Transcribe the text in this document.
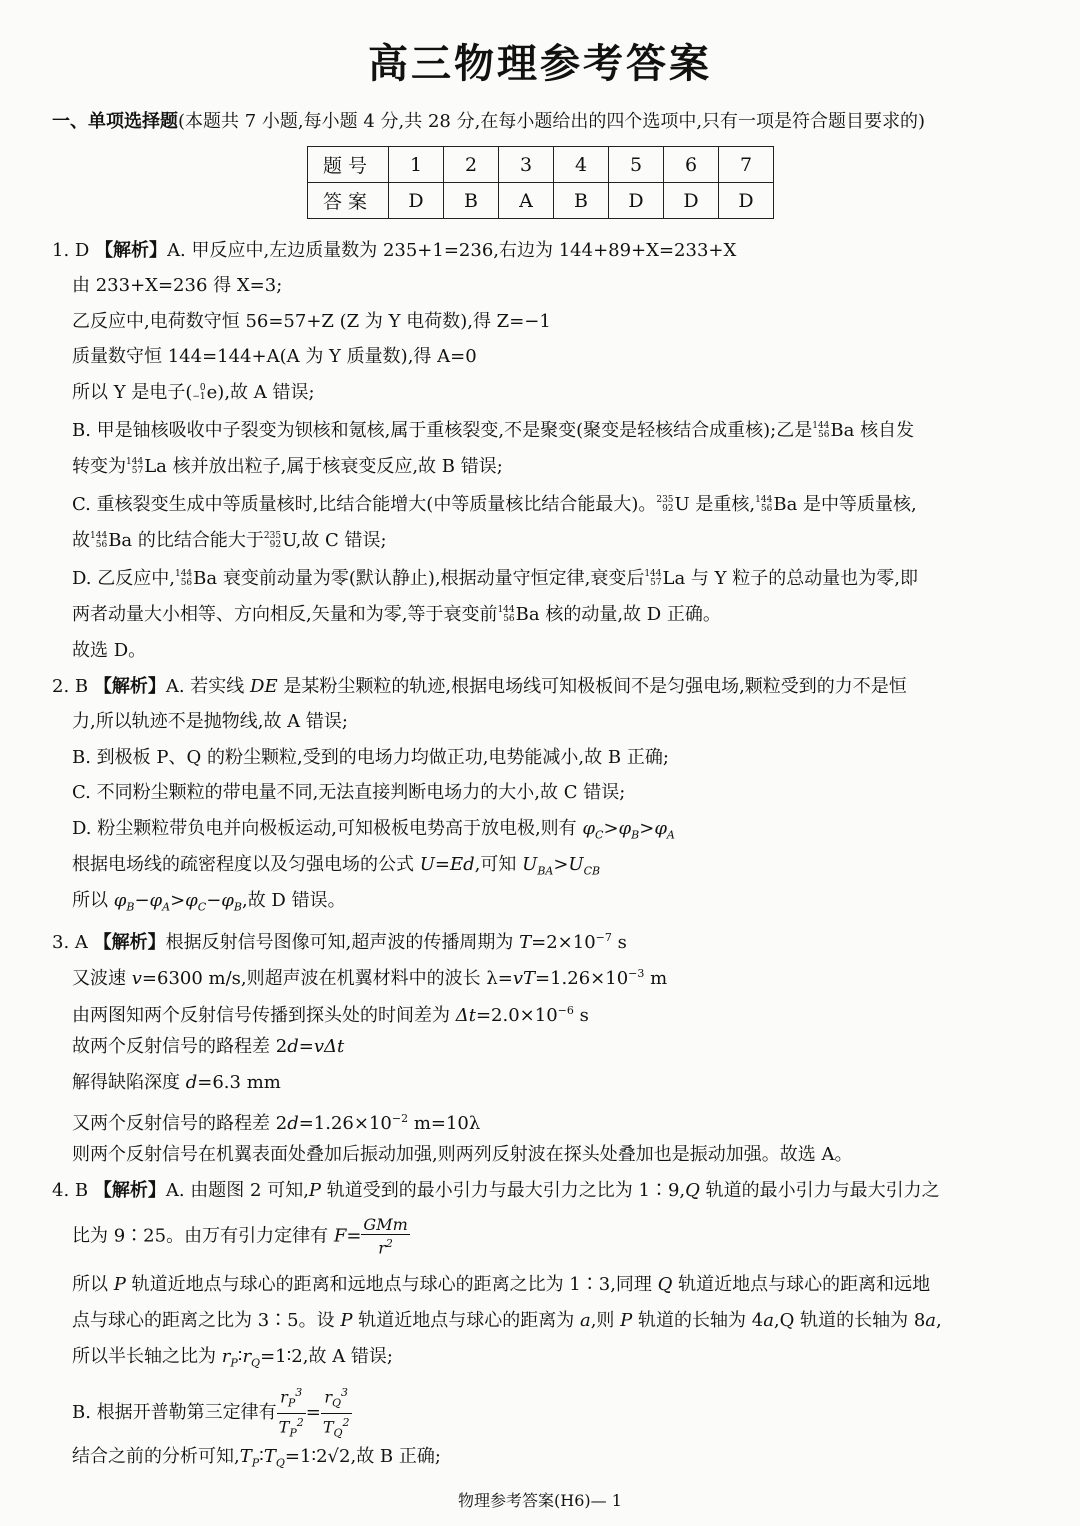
高三物理参考答案
一、单项选择题(本题共 7 小题,每小题 4 分,共 28 分,在每小题给出的四个选项中,只有一项是符合题目要求的)
题号	1	2	3	4	5	6	7
答案	D	B	A	B	D	D	D
1. D 【解析】A. 甲反应中,左边质量数为 235+1=236,右边为 144+89+X=233+X
由 233+X=236 得 X=3;
乙反应中,电荷数守恒 56=57+Z (Z 为 Y 电荷数),得 Z=−1
质量数守恒 144=144+A(A 为 Y 质量数),得 A=0
所以 Y 是电子( 0
−1e),故 A 错误;
B. 甲是铀核吸收中子裂变为钡核和氪核,属于重核裂变,不是聚变(聚变是轻核结合成重核);乙是144
56Ba 核自发
转变为144
57La 核并放出粒子,属于核衰变反应,故 B 错误;
C. 重核裂变生成中等质量核时,比结合能增大(中等质量核比结合能最大)。235
92U 是重核,144
56Ba 是中等质量核,
故144
56Ba 的比结合能大于235
92U,故 C 错误;
D. 乙反应中,144
56Ba 衰变前动量为零(默认静止),根据动量守恒定律,衰变后144
57La 与 Y 粒子的总动量也为零,即
两者动量大小相等、方向相反,矢量和为零,等于衰变前144
56Ba 核的动量,故 D 正确。
故选 D。
2. B 【解析】A. 若实线 DE 是某粉尘颗粒的轨迹,根据电场线可知极板间不是匀强电场,颗粒受到的力不是恒
力,所以轨迹不是抛物线,故 A 错误;
B. 到极板 P、Q 的粉尘颗粒,受到的电场力均做正功,电势能减小,故 B 正确;
C. 不同粉尘颗粒的带电量不同,无法直接判断电场力的大小,故 C 错误;
D. 粉尘颗粒带负电并向极板运动,可知极板电势高于放电极,则有 $\varphi_C>\varphi_B>\varphi_A$
根据电场线的疏密程度以及匀强电场的公式 U=Ed,可知 $U_{BA}>U_{CB}$
所以 $\varphi_B-\varphi_A>\varphi_C-\varphi_B$,故 D 错误。
3. A 【解析】根据反射信号图像可知,超声波的传播周期为 $T=2\times 10^{-7}$ s
又波速 v=6300 m/s,则超声波在机翼材料中的波长 $\lambda=vT=1.26\times 10^{-3}$ m
由两图知两个反射信号传播到探头处的时间差为 $\Delta t=2.0\times 10^{-6}$ s
故两个反射信号的路程差 2d=vΔt
解得缺陷深度 d=6.3 mm
又两个反射信号的路程差 $2d=1.26\times 10^{-2}$ m=10λ
则两个反射信号在机翼表面处叠加后振动加强,则两列反射波在探头处叠加也是振动加强。故选 A。
4. B 【解析】A. 由题图 2 可知,P 轨道受到的最小引力与最大引力之比为 1∶9,Q 轨道的最小引力与最大引力之
比为 9∶25。由万有引力定律有 $F= \frac{\text{GMm}}{r^2}$
所以 P 轨道近地点与球心的距离和远地点与球心的距离之比为 1∶3,同理 Q 轨道近地点与球心的距离和远地
点与球心的距离之比为 3∶5。设 P 轨道近地点与球心的距离为 a,则 P 轨道的长轴为 4a,Q 轨道的长轴为 8a,
所以半长轴之比为 $r_P∶r_Q=1∶2$,故 A 错误;
B. 根据开普勒第三定律有 $\frac{r_P^3}{T_P^2} = \frac{r_Q^3}{T_Q^2}$
结合之前的分析可知$,T_P∶T_Q=1∶2√2$,故 B 正确;
物理参考答案(H6)— 1
